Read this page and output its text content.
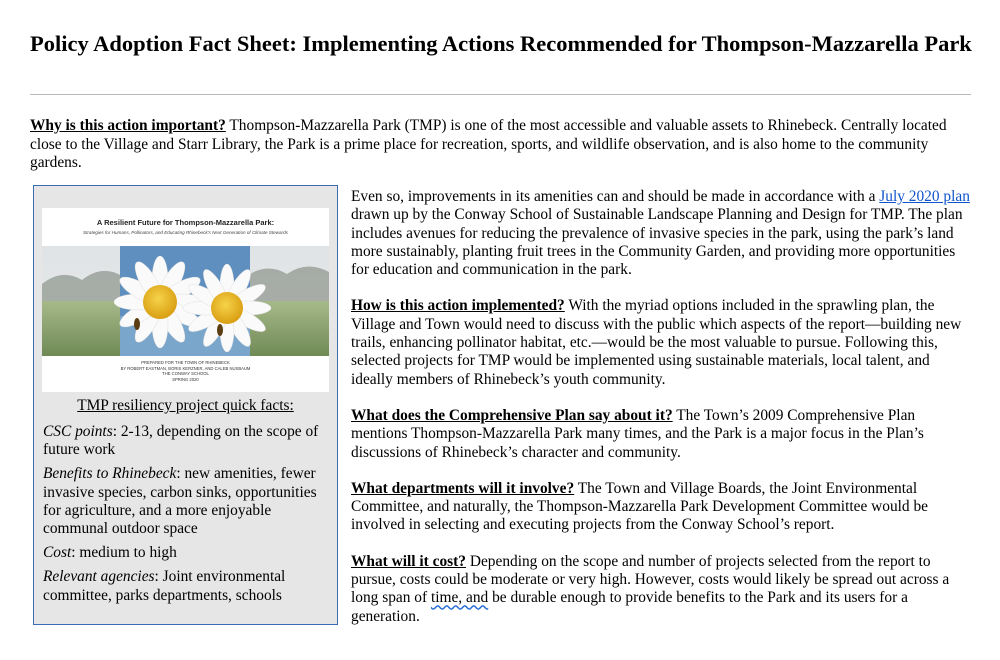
Policy Adoption Fact Sheet: Implementing Actions Recommended for Thompson-Mazzarella Park
Why is this action important? Thompson-Mazzarella Park (TMP) is one of the most accessible and valuable assets to Rhinebeck. Centrally located close to the Village and Starr Library, the Park is a prime place for recreation, sports, and wildlife observation, and is also home to the community gardens.
A Resilient Future for Thompson-Mazzarella Park:
Strategies for Humans, Pollinators, and Educating Rhinebeck's Next Generation of Climate Stewards
PREPARED FOR THE TOWN OF RHINEBECK
BY ROBERT EASTMAN, BORIS KERZNER, AND CALEB NUSBAUM
THE CONWAY SCHOOL
SPRING 2020
TMP resiliency project quick facts:

CSC points: 2-13, depending on the scope of future work

Benefits to Rhinebeck: new amenities, fewer invasive species, carbon sinks, opportunities for agriculture, and a more enjoyable communal outdoor space

Cost: medium to high

Relevant agencies: Joint environmental committee, parks departments, schools

Even so, improvements in its amenities can and should be made in accordance with a July 2020 plan drawn up by the Conway School of Sustainable Landscape Planning and Design for TMP. The plan includes avenues for reducing the prevalence of invasive species in the park, using the park’s land more sustainably, planting fruit trees in the Community Garden, and providing more opportunities for education and communication in the park.

How is this action implemented? With the myriad options included in the sprawling plan, the Village and Town would need to discuss with the public which aspects of the report—building new trails, enhancing pollinator habitat, etc.—would be the most valuable to pursue. Following this, selected projects for TMP would be implemented using sustainable materials, local talent, and ideally members of Rhinebeck’s youth community.

What does the Comprehensive Plan say about it? The Town’s 2009 Comprehensive Plan mentions Thompson-Mazzarella Park many times, and the Park is a major focus in the Plan’s discussions of Rhinebeck’s character and community.

What departments will it involve? The Town and Village Boards, the Joint Environmental Committee, and naturally, the Thompson-Mazzarella Park Development Committee would be involved in selecting and executing projects from the Conway School’s report.

What will it cost? Depending on the scope and number of projects selected from the report to pursue, costs could be moderate or very high. However, costs would likely be spread out across a long span of time, and be durable enough to provide benefits to the Park and its users for a generation.
